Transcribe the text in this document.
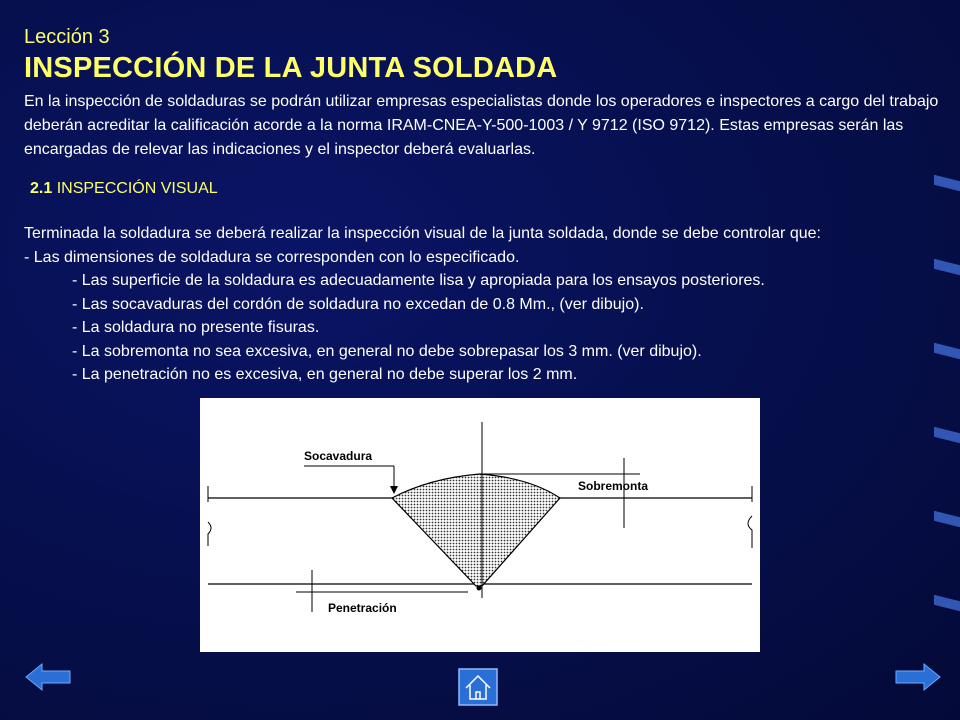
Lección 3
INSPECCIÓN DE LA JUNTA SOLDADA
En la inspección de soldaduras se podrán utilizar empresas especialistas donde los operadores e inspectores a cargo del trabajo deberán acreditar la calificación acorde a la norma IRAM-CNEA-Y-500-1003 / Y 9712 (ISO 9712). Estas empresas serán las encargadas de relevar las indicaciones y el inspector deberá evaluarlas.
2.1 INSPECCIÓN VISUAL
Terminada la soldadura se deberá realizar la inspección visual de la junta soldada, donde se debe controlar que:
- Las dimensiones de soldadura se corresponden con lo especificado.
- Las superficie de la soldadura es adecuadamente lisa y apropiada para los ensayos posteriores.
- Las socavaduras del cordón de soldadura no excedan de 0.8 Mm., (ver dibujo).
- La soldadura no presente fisuras.
- La sobremonta no sea excesiva, en general no debe sobrepasar los 3 mm. (ver dibujo).
- La penetración no es excesiva, en general no debe superar los 2 mm.
Socavadura
Sobremonta
Penetración
